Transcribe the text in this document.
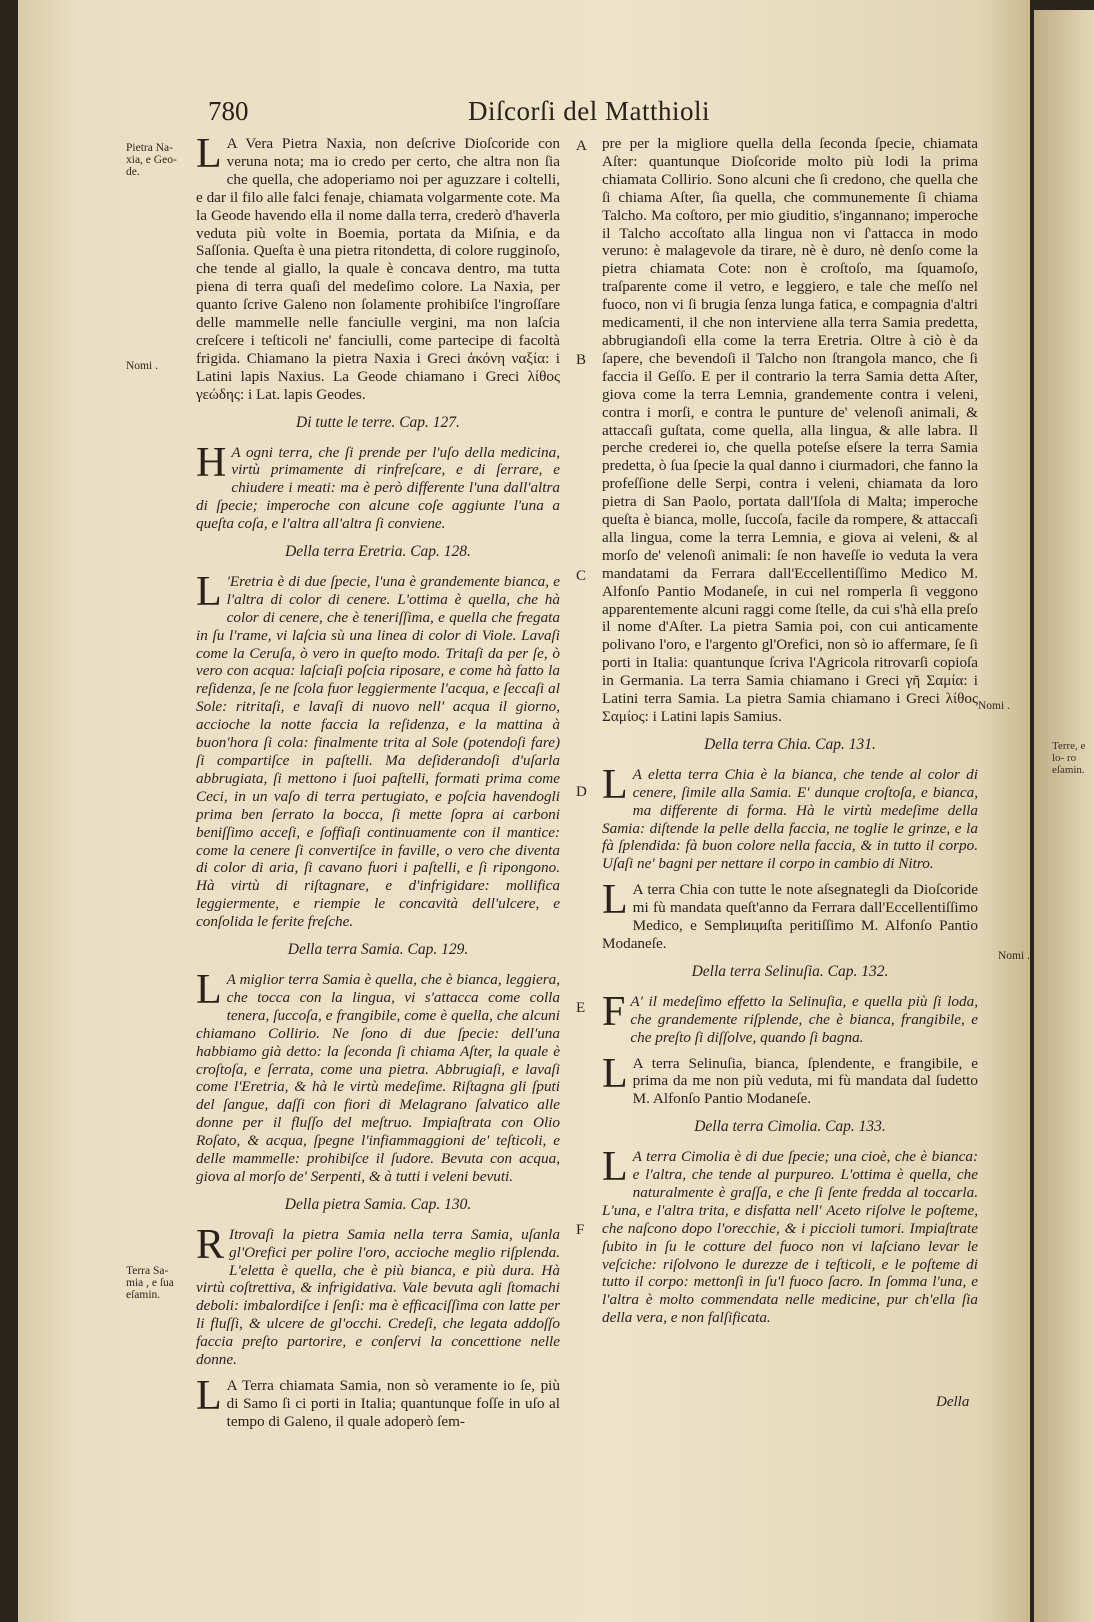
Terre, e lo- ro eſamin.
780	Diſcorſi del Matthioli
Pietra Na- xia, e Geo- de.
Nomi .
Terra Sa- mia , e ſua eſamin.
Nomi .
Nomi .
A
B
C
D
E
F

L A Vera Pietra Naxia, non deſcrive Dioſcoride con veruna nota; ma io credo per certo, che altra non ſia che quella, che adoperiamo noi per aguzzare i coltelli, e dar il filo alle falci fenaje, chiamata volgarmente cote. Ma la Geode havendo ella il nome dalla terra, crederò d'haverla veduta più volte in Boemia, portata da Miſnia, e da Saſſonia. Queſta è una pietra ritondetta, di colore rugginoſo, che tende al giallo, la quale è concava dentro, ma tutta piena di terra quaſi del medeſimo colore. La Naxia, per quanto ſcrive Galeno non ſolamente prohibiſce l'ingroſſare delle mammelle nelle fanciulle vergini, ma non laſcia creſcere i teſticoli ne' fanciulli, come partecipe di facoltà frigida. Chiamano la pietra Naxia i Greci ἀκόνη ναξία: i Latini lapis Naxius. La Geode chiamano i Greci λίθος γεώδης: i Lat. lapis Geodes.

Di tutte le terre. Cap. 127.

H A ogni terra, che ſi prende per l'uſo della medicina, virtù primamente di rinfreſcare, e di ſerrare, e chiudere i meati: ma è però differente l'una dall'altra di ſpecie; imperoche con alcune coſe aggiunte l'una a queſta coſa, e l'altra all'altra ſi conviene.

Della terra Eretria. Cap. 128.

L 'Eretria è di due ſpecie, l'una è grandemente bianca, e l'altra di color di cenere. L'ottima è quella, che hà color di cenere, che è teneriſſima, e quella che fregata in ſu l'rame, vi laſcia sù una linea di color di Viole. Lavaſi come la Ceruſa, ò vero in queſto modo. Tritaſi da per ſe, ò vero con acqua: laſciaſi poſcia riposare, e come hà fatto la reſidenza, ſe ne ſcola fuor leggiermente l'acqua, e ſeccaſi al Sole: ritritaſi, e lavaſi di nuovo nell' acqua il giorno, accioche la notte faccia la reſidenza, e la mattina à buon'hora ſi cola: finalmente trita al Sole (potendoſi fare) ſi compartiſce in paſtelli. Ma deſiderandoſi d'uſarla abbrugiata, ſi mettono i ſuoi paſtelli, formati prima come Ceci, in un vaſo di terra pertugiato, e poſcia havendogli prima ben ſerrato la bocca, ſi mette ſopra ai carboni beniſſimo acceſi, e ſoffiaſi continuamente con il mantice: come la cenere ſi convertiſce in faville, o vero che diventa di color di aria, ſi cavano fuori i paſtelli, e ſi ripongono. Hà virtù di riſtagnare, e d'infrigidare: mollifica leggiermente, e riempie le concavità dell'ulcere, e conſolida le ferite freſche.

Della terra Samia. Cap. 129.

L A miglior terra Samia è quella, che è bianca, leggiera, che tocca con la lingua, vi s'attacca come colla tenera, ſuccoſa, e frangibile, come è quella, che alcuni chiamano Collirio. Ne ſono di due ſpecie: dell'una habbiamo già detto: la ſeconda ſi chiama Aſter, la quale è croſtoſa, e ſerrata, come una pietra. Abbrugiaſi, e lavaſi come l'Eretria, & hà le virtù medeſime. Riſtagna gli ſputi del ſangue, daſſi con fiori di Melagrano ſalvatico alle donne per il fluſſo del meſtruo. Impiaſtrata con Olio Roſato, & acqua, ſpegne l'infiammaggioni de' teſticoli, e delle mammelle: prohibiſce il ſudore. Bevuta con acqua, giova al morſo de' Serpenti, & à tutti i veleni bevuti.

Della pietra Samia. Cap. 130.

R Itrovaſi la pietra Samia nella terra Samia, uſanla gl'Orefici per polire l'oro, accioche meglio riſplenda. L'eletta è quella, che è più bianca, e più dura. Hà virtù coſtrettiva, & infrigidativa. Vale bevuta agli ſtomachi deboli: imbalordiſce i ſenſi: ma è efficaciſſima con latte per li fluſſi, & ulcere de gl'occhi. Credeſi, che legata addoſſo faccia preſto partorire, e conſervi la concettione nelle donne.

L A Terra chiamata Samia, non sò veramente io ſe, più di Samo ſi ci porti in Italia; quantunque foſſe in uſo al tempo di Galeno, il quale adoperò ſem-

pre per la migliore quella della ſeconda ſpecie, chiamata Aſter: quantunque Dioſcoride molto più lodi la prima chiamata Collirio. Sono alcuni che ſi credono, che quella che ſi chiama Aſter, ſia quella, che communemente ſi chiama Talcho. Ma coſtoro, per mio giuditio, s'ingannano; imperoche il Talcho accoſtato alla lingua non vi ſ'attacca in modo veruno: è malagevole da tirare, nè è duro, nè denſo come la pietra chiamata Cote: non è croſtoſo, ma ſquamoſo, traſparente come il vetro, e leggiero, e tale che meſſo nel fuoco, non vi ſi brugia ſenza lunga fatica, e compagnia d'altri medicamenti, il che non interviene alla terra Samia predetta, abbrugiandoſi ella come la terra Eretria. Oltre à ciò è da ſapere, che bevendoſi il Talcho non ſtrangola manco, che ſi faccia il Geſſo. E per il contrario la terra Samia detta Aſter, giova come la terra Lemnia, grandemente contra i veleni, contra i morſi, e contra le punture de' velenoſi animali, & attaccaſi guſtata, come quella, alla lingua, & alle labra. Il perche crederei io, che quella poteſse eſsere la terra Samia predetta, ò ſua ſpecie la qual danno i ciurmadori, che fanno la profeſſione delle Serpi, contra i veleni, chiamata da loro pietra di San Paolo, portata dall'Iſola di Malta; imperoche queſta è bianca, molle, ſuccoſa, facile da rompere, & attaccaſi alla lingua, come la terra Lemnia, e giova ai veleni, & al morſo de' velenoſi animali: ſe non haveſſe io veduta la vera mandatami da Ferrara dall'Eccellentiſſimo Medico M. Alfonſo Pantio Modaneſe, in cui nel romperla ſi veggono apparentemente alcuni raggi come ſtelle, da cui s'hà ella preſo il nome d'Aſter. La pietra Samia poi, con cui anticamente polivano l'oro, e l'argento gl'Orefici, non sò io affermare, ſe ſi porti in Italia: quantunque ſcriva l'Agricola ritrovarſi copioſa in Germania. La terra Samia chiamano i Greci γῆ Σαμία: i Latini terra Samia. La pietra Samia chiamano i Greci λίθος Σαμίος: i Latini lapis Samius.

Della terra Chia. Cap. 131.

L A eletta terra Chia è la bianca, che tende al color di cenere, ſimile alla Samia. E' dunque croſtoſa, e bianca, ma differente di forma. Hà le virtù medeſime della Samia: diſtende la pelle della faccia, ne toglie le grinze, e la fà ſplendida: fà buon colore nella faccia, & in tutto il corpo. Uſaſi ne' bagni per nettare il corpo in cambio di Nitro.

L A terra Chia con tutte le note aſsegnategli da Dioſcoride mi fù mandata queſt'anno da Ferrara dall'Eccellentiſſimo Medico, e Semplициſta peritiſſimo M. Alfonſo Pantio Modaneſe.

Della terra Selinuſia. Cap. 132.

F A' il medeſimo effetto la Selinuſia, e quella più ſi loda, che grandemente riſplende, che è bianca, frangibile, e che preſto ſi diſſolve, quando ſi bagna.

L A terra Selinuſia, bianca, ſplendente, e frangibile, e prima da me non più veduta, mi fù mandata dal ſudetto M. Alfonſo Pantio Modaneſe.

Della terra Cimolia. Cap. 133.

L A terra Cimolia è di due ſpecie; una cioè, che è bianca: e l'altra, che tende al purpureo. L'ottima è quella, che naturalmente è graſſa, e che ſi ſente fredda al toccarla. L'una, e l'altra trita, e disfatta nell' Aceto riſolve le poſteme, che naſcono dopo l'orecchie, & i piccioli tumori. Impiaſtrate ſubito in ſu le cotture del fuoco non vi laſciano levar le veſciche: riſolvono le durezze de i teſticoli, e le poſteme di tutto il corpo: mettonſi in ſu'l fuoco ſacro. In ſomma l'una, e l'altra è molto commendata nelle medicine, pur ch'ella ſia della vera, e non falſificata.

Della
